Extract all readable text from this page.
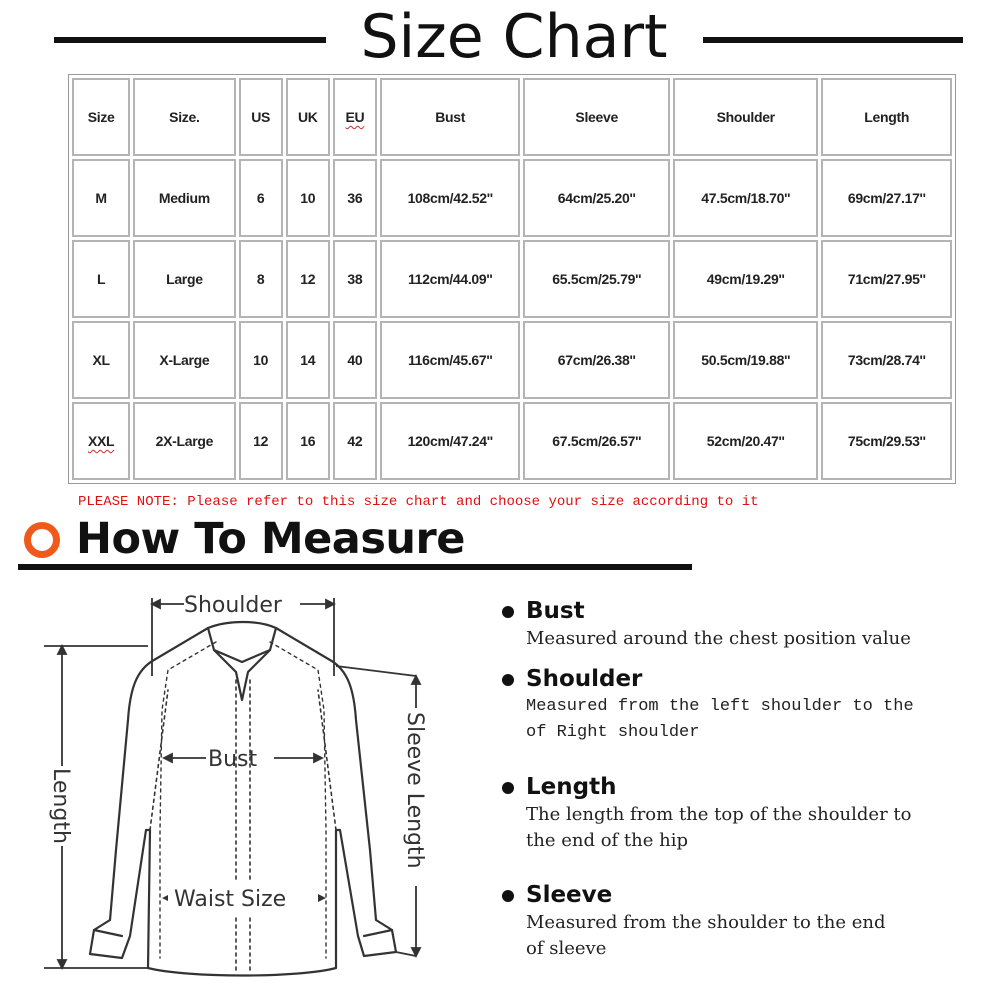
Size Chart
Size	Size.	US	UK	EU	Bust	Sleeve	Shoulder	Length
M	Medium	6	10	36	108cm/42.52''	64cm/25.20''	47.5cm/18.70''	69cm/27.17''
L	Large	8	12	38	112cm/44.09''	65.5cm/25.79''	49cm/19.29''	71cm/27.95''
XL	X-Large	10	14	40	116cm/45.67''	67cm/26.38''	50.5cm/19.88''	73cm/28.74''
XXL	2X-Large	12	16	42	120cm/47.24''	67.5cm/26.57''	52cm/20.47''	75cm/29.53''
PLEASE NOTE: Please refer to this size chart and choose your size according to it
How To Measure
Shoulder
Bust
Waist Size
Length	Sleeve Length
Bust
Measured around the chest position value
Shoulder
Measured from the left shoulder to the
of Right shoulder
Length
The length from the top of the shoulder to
the end of the hip
Sleeve
Measured from the shoulder to the end
of sleeve
